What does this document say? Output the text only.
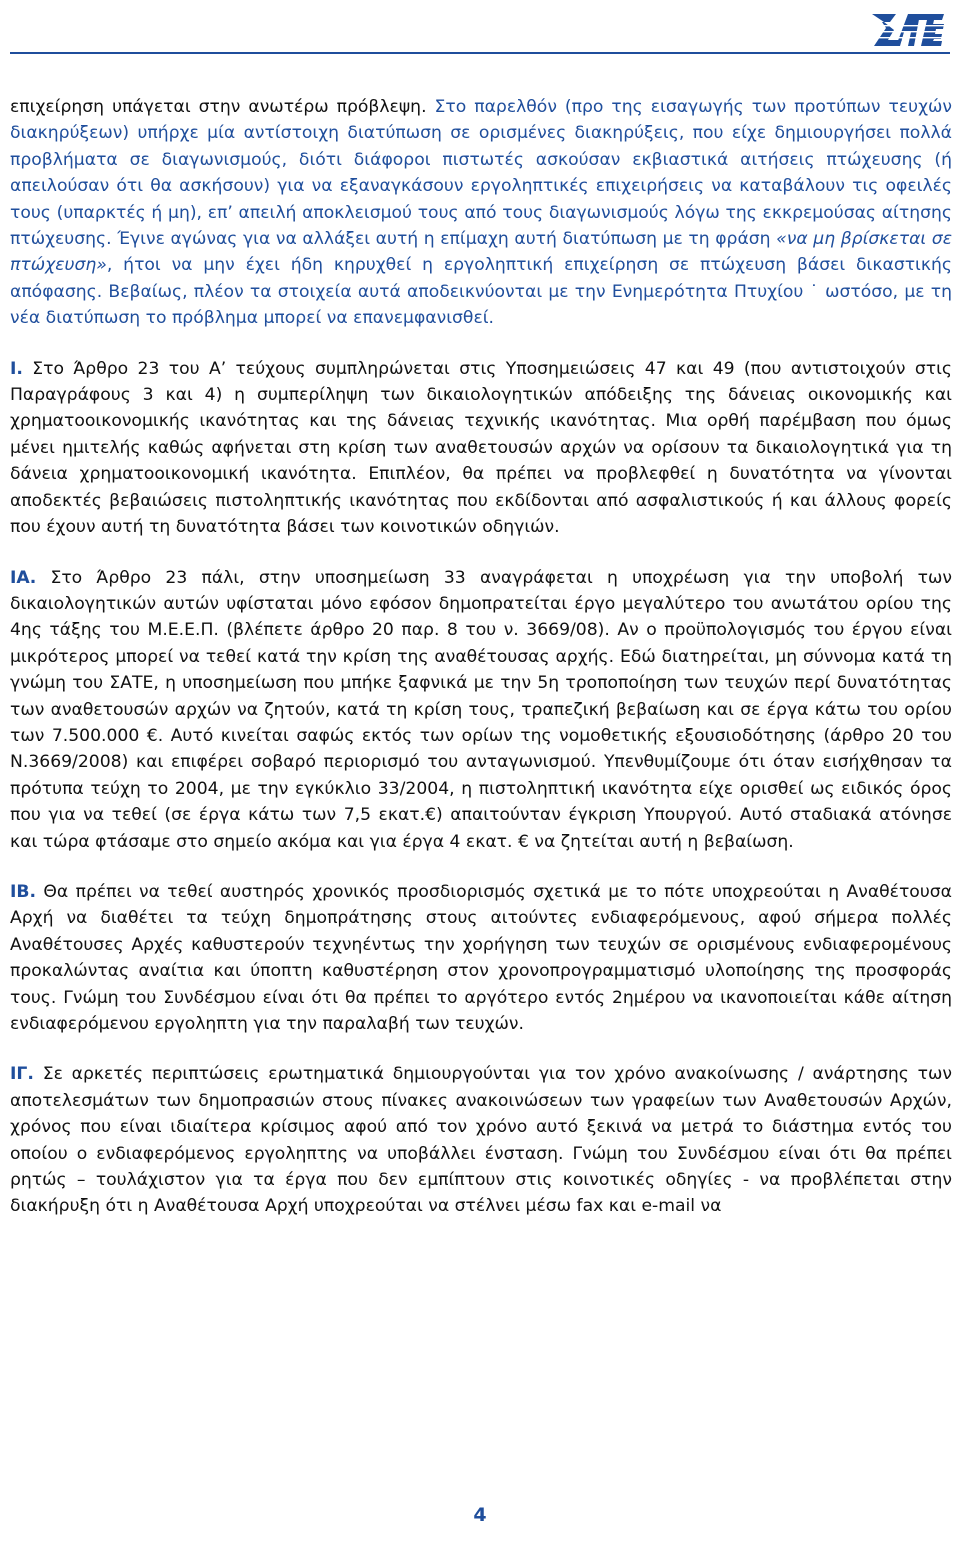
επιχείρηση υπάγεται στην ανωτέρω πρόβλεψη. Στο παρελθόν (προ της εισαγωγής των προτύπων τευχών διακηρύξεων) υπήρχε μία αντίστοιχη διατύπωση σε ορισμένες διακηρύξεις, που είχε δημιουργήσει πολλά προβλήματα σε διαγωνισμούς, διότι διάφοροι πιστωτές ασκούσαν εκβιαστικά αιτήσεις πτώχευσης (ή απειλούσαν ότι θα ασκήσουν) για να εξαναγκάσουν εργοληπτικές επιχειρήσεις να καταβάλουν τις οφειλές τους (υπαρκτές ή μη), επ’ απειλή αποκλεισμού τους από τους διαγωνισμούς λόγω της εκκρεμούσας αίτησης πτώχευσης. Έγινε αγώνας για να αλλάξει αυτή η επίμαχη αυτή διατύπωση με τη φράση «να μη βρίσκεται σε πτώχευση», ήτοι να μην έχει ήδη κηρυχθεί η εργοληπτική επιχείρηση σε πτώχευση βάσει δικαστικής απόφασης. Βεβαίως, πλέον τα στοιχεία αυτά αποδεικνύονται με την Ενημερότητα Πτυχίου ˙ ωστόσο, με τη νέα διατύπωση το πρόβλημα μπορεί να επανεμφανισθεί.

Ι. Στο Άρθρο 23 του Α’ τεύχους συμπληρώνεται στις Υποσημειώσεις 47 και 49 (που αντιστοιχούν στις Παραγράφους 3 και 4) η συμπερίληψη των δικαιολογητικών απόδειξης της δάνειας οικονομικής και χρηματοοικονομικής ικανότητας και της δάνειας τεχνικής ικανότητας. Μια ορθή παρέμβαση που όμως μένει ημιτελής καθώς αφήνεται στη κρίση των αναθετουσών αρχών να ορίσουν τα δικαιολογητικά για τη δάνεια χρηματοοικονομική ικανότητα. Επιπλέον, θα πρέπει να προβλεφθεί η δυνατότητα να γίνονται αποδεκτές βεβαιώσεις πιστοληπτικής ικανότητας που εκδίδονται από ασφαλιστικούς ή και άλλους φορείς που έχουν αυτή τη δυνατότητα βάσει των κοινοτικών οδηγιών.

ΙΑ. Στο Άρθρο 23 πάλι, στην υποσημείωση 33 αναγράφεται η υποχρέωση για την υποβολή των δικαιολογητικών αυτών υφίσταται μόνο εφόσον δημοπρατείται έργο μεγαλύτερο του ανωτάτου ορίου της 4ης τάξης του Μ.Ε.Ε.Π. (βλέπετε άρθρο 20 παρ. 8 του ν. 3669/08). Αν ο προϋπολογισμός του έργου είναι μικρότερος μπορεί να τεθεί κατά την κρίση της αναθέτουσας αρχής. Εδώ διατηρείται, μη σύννομα κατά τη γνώμη του ΣΑΤΕ, η υποσημείωση που μπήκε ξαφνικά με την 5η τροποποίηση των τευχών περί δυνατότητας των αναθετουσών αρχών να ζητούν, κατά τη κρίση τους, τραπεζική βεβαίωση και σε έργα κάτω του ορίου των 7.500.000 €. Αυτό κινείται σαφώς εκτός των ορίων της νομοθετικής εξουσιοδότησης (άρθρο 20 του Ν.3669/2008) και επιφέρει σοβαρό περιορισμό του ανταγωνισμού. Υπενθυμίζουμε ότι όταν εισήχθησαν τα πρότυπα τεύχη το 2004, με την εγκύκλιο 33/2004, η πιστοληπτική ικανότητα είχε ορισθεί ως ειδικός όρος που για να τεθεί (σε έργα κάτω των 7,5 εκατ.€) απαιτούνταν έγκριση Υπουργού. Αυτό σταδιακά ατόνησε και τώρα φτάσαμε στο σημείο ακόμα και για έργα 4 εκατ. € να ζητείται αυτή η βεβαίωση.

ΙΒ. Θα πρέπει να τεθεί αυστηρός χρονικός προσδιορισμός σχετικά με το πότε υποχρεούται η Αναθέτουσα Αρχή να διαθέτει τα τεύχη δημοπράτησης στους αιτούντες ενδιαφερόμενους, αφού σήμερα πολλές Αναθέτουσες Αρχές καθυστερούν τεχνηέντως την χορήγηση των τευχών σε ορισμένους ενδιαφερομένους προκαλώντας αναίτια και ύποπτη καθυστέρηση στον χρονοπρογραμματισμό υλοποίησης της προσφοράς τους. Γνώμη του Συνδέσμου είναι ότι θα πρέπει το αργότερο εντός 2ημέρου να ικανοποιείται κάθε αίτηση ενδιαφερόμενου εργοληπτη για την παραλαβή των τευχών.

ΙΓ. Σε αρκετές περιπτώσεις ερωτηματικά δημιουργούνται για τον χρόνο ανακοίνωσης / ανάρτησης των αποτελεσμάτων των δημοπρασιών στους πίνακες ανακοινώσεων των γραφείων των Αναθετουσών Αρχών, χρόνος που είναι ιδιαίτερα κρίσιμος αφού από τον χρόνο αυτό ξεκινά να μετρά το διάστημα εντός του οποίου ο ενδιαφερόμενος εργοληπτης να υποβάλλει ένσταση. Γνώμη του Συνδέσμου είναι ότι θα πρέπει ρητώς – τουλάχιστον για τα έργα που δεν εμπίπτουν στις κοινοτικές οδηγίες - να προβλέπεται στην διακήρυξη ότι η Αναθέτουσα Αρχή υποχρεούται να στέλνει μέσω fax και e-mail να

4
